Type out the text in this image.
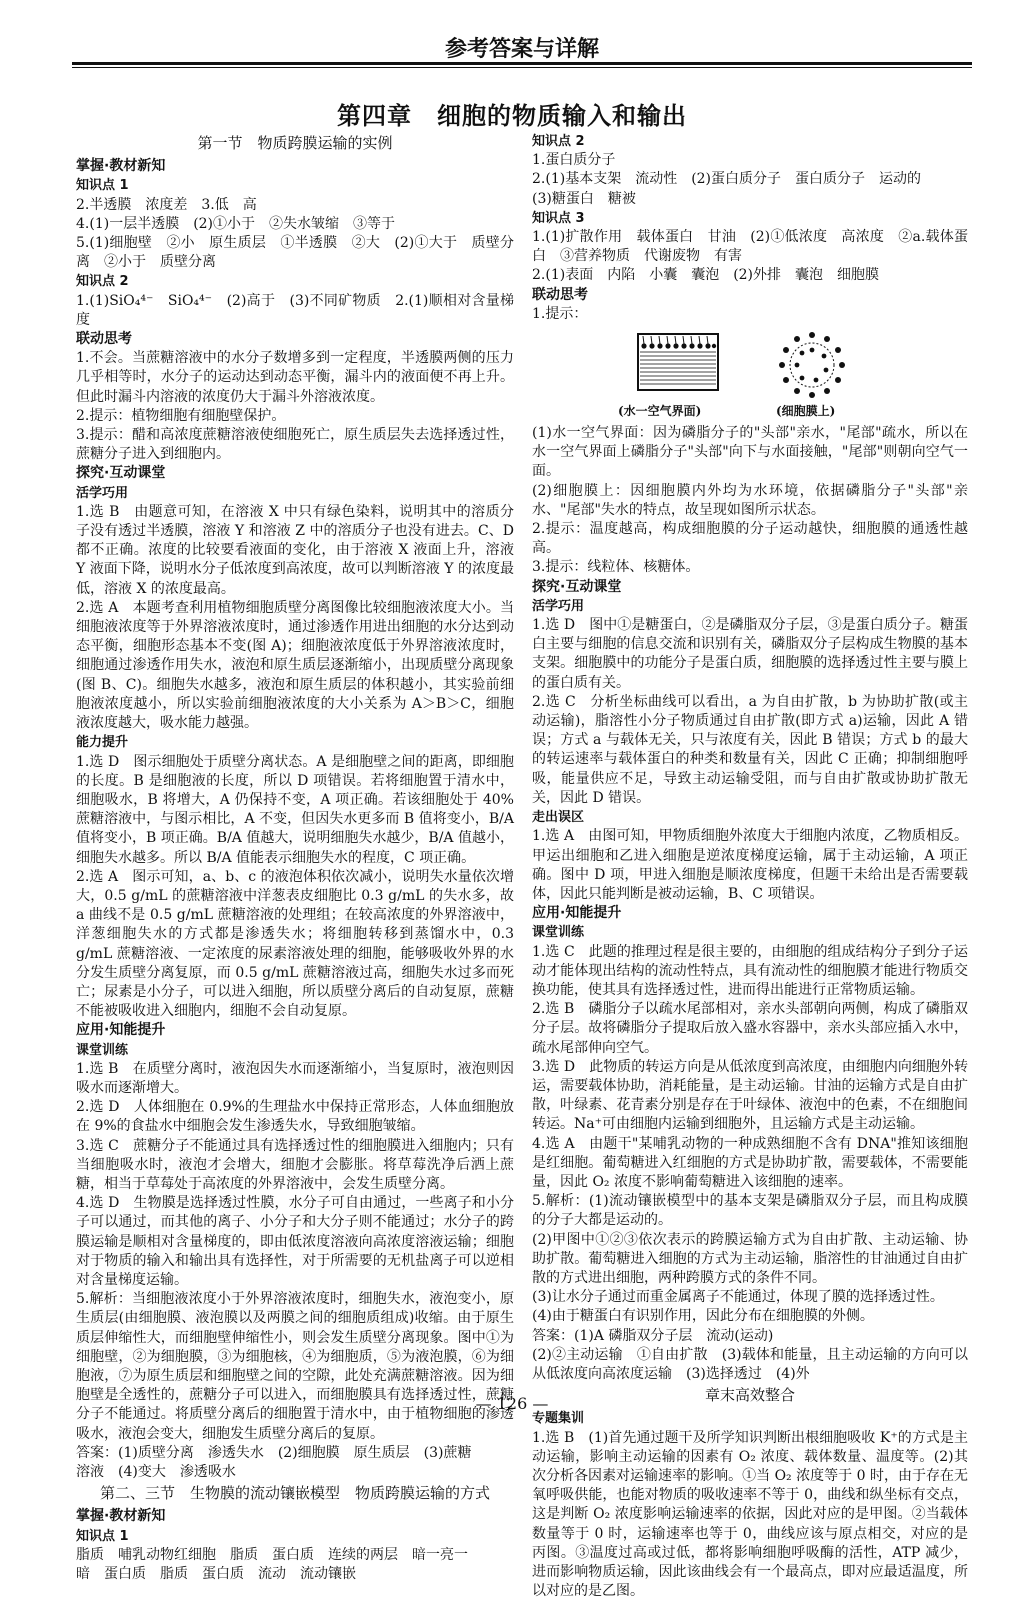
参考答案与详解
第四章　细胞的物质输入和输出
第一节　物质跨膜运输的实例
掌握·教材新知
知识点 1

2.半透膜　浓度差　3.低　高

4.(1)一层半透膜　(2)①小于　②失水皱缩　③等于

5.(1)细胞壁　②小　原生质层　①半透膜　②大　(2)①大于　质壁分离　②小于　质壁分离

知识点 2

1.(1)SiO₄⁴⁻　SiO₄⁴⁻　(2)高于　(3)不同矿物质　2.(1)顺相对含量梯度

联动思考

1.不会。当蔗糖溶液中的水分子数增多到一定程度，半透膜两侧的压力几乎相等时，水分子的运动达到动态平衡，漏斗内的液面便不再上升。但此时漏斗内溶液的浓度仍大于漏斗外溶液浓度。

2.提示：植物细胞有细胞壁保护。

3.提示：醋和高浓度蔗糖溶液使细胞死亡，原生质层失去选择透过性，蔗糖分子进入到细胞内。

探究·互动课堂
活学巧用

1.选 B　由题意可知，在溶液 X 中只有绿色染料，说明其中的溶质分子没有透过半透膜，溶液 Y 和溶液 Z 中的溶质分子也没有进去。C、D 都不正确。浓度的比较要看液面的变化，由于溶液 X 液面上升，溶液 Y 液面下降，说明水分子低浓度到高浓度，故可以判断溶液 Y 的浓度最低，溶液 X 的浓度最高。

2.选 A　本题考查利用植物细胞质壁分离图像比较细胞液浓度大小。当细胞液浓度等于外界溶液浓度时，通过渗透作用进出细胞的水分达到动态平衡，细胞形态基本不变(图 A)；细胞液浓度低于外界溶液浓度时，细胞通过渗透作用失水，液泡和原生质层逐渐缩小，出现质壁分离现象(图 B、C)。细胞失水越多，液泡和原生质层的体积越小，其实验前细胞液浓度越小，所以实验前细胞液浓度的大小关系为 A＞B＞C，细胞液浓度越大，吸水能力越强。

能力提升

1.选 D　图示细胞处于质壁分离状态。A 是细胞壁之间的距离，即细胞的长度。B 是细胞液的长度，所以 D 项错误。若将细胞置于清水中，细胞吸水，B 将增大，A 仍保持不变，A 项正确。若该细胞处于 40%蔗糖溶液中，与图示相比，A 不变，但因失水更多而 B 值将变小，B/A 值将变小，B 项正确。B/A 值越大，说明细胞失水越少，B/A 值越小，细胞失水越多。所以 B/A 值能表示细胞失水的程度，C 项正确。

2.选 A　图示可知，a、b、c 的液泡体积依次减小，说明失水量依次增大，0.5 g/mL 的蔗糖溶液中洋葱表皮细胞比 0.3 g/mL 的失水多，故 a 曲线不是 0.5 g/mL 蔗糖溶液的处理组；在较高浓度的外界溶液中，洋葱细胞失水的方式都是渗透失水；将细胞转移到蒸馏水中，0.3 g/mL 蔗糖溶液、一定浓度的尿素溶液处理的细胞，能够吸收外界的水分发生质壁分离复原，而 0.5 g/mL 蔗糖溶液过高，细胞失水过多而死亡；尿素是小分子，可以进入细胞，所以质壁分离后的自动复原，蔗糖不能被吸收进入细胞内，细胞不会自动复原。

应用·知能提升
课堂训练

1.选 B　在质壁分离时，液泡因失水而逐渐缩小，当复原时，液泡则因吸水而逐渐增大。

2.选 D　人体细胞在 0.9%的生理盐水中保持正常形态，人体血细胞放在 9%的食盐水中细胞会发生渗透失水，导致细胞皱缩。

3.选 C　蔗糖分子不能通过具有选择透过性的细胞膜进入细胞内；只有当细胞吸水时，液泡才会增大，细胞才会膨胀。将草莓洗净后洒上蔗糖，相当于草莓处于高浓度的外界溶液中，会发生质壁分离。

4.选 D　生物膜是选择透过性膜，水分子可自由通过，一些离子和小分子可以通过，而其他的离子、小分子和大分子则不能通过；水分子的跨膜运输是顺相对含量梯度的，即由低浓度溶液向高浓度溶液运输；细胞对于物质的输入和输出具有选择性，对于所需要的无机盐离子可以逆相对含量梯度运输。

5.解析：当细胞液浓度小于外界溶液浓度时，细胞失水，液泡变小，原生质层(由细胞膜、液泡膜以及两膜之间的细胞质组成)收缩。由于原生质层伸缩性大，而细胞壁伸缩性小，则会发生质壁分离现象。图中①为细胞壁，②为细胞膜，③为细胞核，④为细胞质，⑤为液泡膜，⑥为细胞液，⑦为原生质层和细胞壁之间的空隙，此处充满蔗糖溶液。因为细胞壁是全透性的，蔗糖分子可以进入，而细胞膜具有选择透过性，蔗糖分子不能通过。将质壁分离后的细胞置于清水中，由于植物细胞的渗透吸水，液泡会变大，细胞发生质壁分离后的复原。

答案：(1)质壁分离　渗透失水　(2)细胞膜　原生质层　(3)蔗糖

溶液　(4)变大　渗透吸水

第二、三节　生物膜的流动镶嵌模型　物质跨膜运输的方式
掌握·教材新知
知识点 1

脂质　哺乳动物红细胞　脂质　蛋白质　连续的两层　暗一亮一

暗　蛋白质　脂质　蛋白质　流动　流动镶嵌

知识点 2

1.蛋白质分子

2.(1)基本支架　流动性　(2)蛋白质分子　蛋白质分子　运动的

(3)糖蛋白　糖被

知识点 3

1.(1)扩散作用　载体蛋白　甘油　(2)①低浓度　高浓度　②a.载体蛋白　③营养物质　代谢废物　有害

2.(1)表面　内陷　小囊　囊泡　(2)外排　囊泡　细胞膜

联动思考

1.提示：

(水一空气界面)	(细胞膜上)

(1)水一空气界面：因为磷脂分子的"头部"亲水，"尾部"疏水，所以在水一空气界面上磷脂分子"头部"向下与水面接触，"尾部"则朝向空气一面。

(2)细胞膜上：因细胞膜内外均为水环境，依据磷脂分子"头部"亲水、"尾部"失水的特点，故呈现如图所示状态。

2.提示：温度越高，构成细胞膜的分子运动越快，细胞膜的通透性越高。

3.提示：线粒体、核糖体。

探究·互动课堂
活学巧用

1.选 D　图中①是糖蛋白，②是磷脂双分子层，③是蛋白质分子。糖蛋白主要与细胞的信息交流和识别有关，磷脂双分子层构成生物膜的基本支架。细胞膜中的功能分子是蛋白质，细胞膜的选择透过性主要与膜上的蛋白质有关。

2.选 C　分析坐标曲线可以看出，a 为自由扩散，b 为协助扩散(或主动运输)，脂溶性小分子物质通过自由扩散(即方式 a)运输，因此 A 错误；方式 a 与载体无关，只与浓度有关，因此 B 错误；方式 b 的最大的转运速率与载体蛋白的种类和数量有关，因此 C 正确；抑制细胞呼吸，能量供应不足，导致主动运输受阻，而与自由扩散或协助扩散无关，因此 D 错误。

走出误区

1.选 A　由图可知，甲物质细胞外浓度大于细胞内浓度，乙物质相反。甲运出细胞和乙进入细胞是逆浓度梯度运输，属于主动运输，A 项正确。图中 D 项，甲进入细胞是顺浓度梯度，但题干未给出是否需要载体，因此只能判断是被动运输，B、C 项错误。

应用·知能提升
课堂训练

1.选 C　此题的推理过程是很主要的，由细胞的组成结构分子到分子运动才能体现出结构的流动性特点，具有流动性的细胞膜才能进行物质交换功能，使其具有选择透过性，进而得出能进行正常物质运输。

2.选 B　磷脂分子以疏水尾部相对，亲水头部朝向两侧，构成了磷脂双分子层。故将磷脂分子提取后放入盛水容器中，亲水头部应插入水中，疏水尾部伸向空气。

3.选 D　此物质的转运方向是从低浓度到高浓度，由细胞内向细胞外转运，需要载体协助，消耗能量，是主动运输。甘油的运输方式是自由扩散，叶绿素、花青素分别是存在于叶绿体、液泡中的色素，不在细胞间转运。Na⁺可由细胞内运输到细胞外，且运输方式是主动运输。

4.选 A　由题干"某哺乳动物的一种成熟细胞不含有 DNA"推知该细胞是红细胞。葡萄糖进入红细胞的方式是协助扩散，需要载体，不需要能量，因此 O₂ 浓度不影响葡萄糖进入该细胞的速率。

5.解析：(1)流动镶嵌模型中的基本支架是磷脂双分子层，而且构成膜的分子大都是运动的。

(2)甲图中①②③依次表示的跨膜运输方式为自由扩散、主动运输、协助扩散。葡萄糖进入细胞的方式为主动运输，脂溶性的甘油通过自由扩散的方式进出细胞，两种跨膜方式的条件不同。

(3)让水分子通过而重金属离子不能通过，体现了膜的选择透过性。

(4)由于糖蛋白有识别作用，因此分布在细胞膜的外侧。

答案：(1)A 磷脂双分子层　流动(运动)

(2)②主动运输　①自由扩散　(3)载体和能量，且主动运输的方向可以从低浓度向高浓度运输　(3)选择透过　(4)外

章末高效整合
专题集训

1.选 B　(1)首先通过题干及所学知识判断出根细胞吸收 K⁺的方式是主动运输，影响主动运输的因素有 O₂ 浓度、载体数量、温度等。(2)其次分析各因素对运输速率的影响。①当 O₂ 浓度等于 0 时，由于存在无氧呼吸供能，也能对物质的吸收速率不等于 0，曲线和纵坐标有交点，这是判断 O₂ 浓度影响运输速率的依据，因此对应的是甲图。②当载体数量等于 0 时，运输速率也等于 0，曲线应该与原点相交，对应的是丙图。③温度过高或过低，都将影响细胞呼吸酶的活性，ATP 减少，进而影响物质运输，因此该曲线会有一个最高点，即对应最适温度，所以对应的是乙图。

— 126 —
